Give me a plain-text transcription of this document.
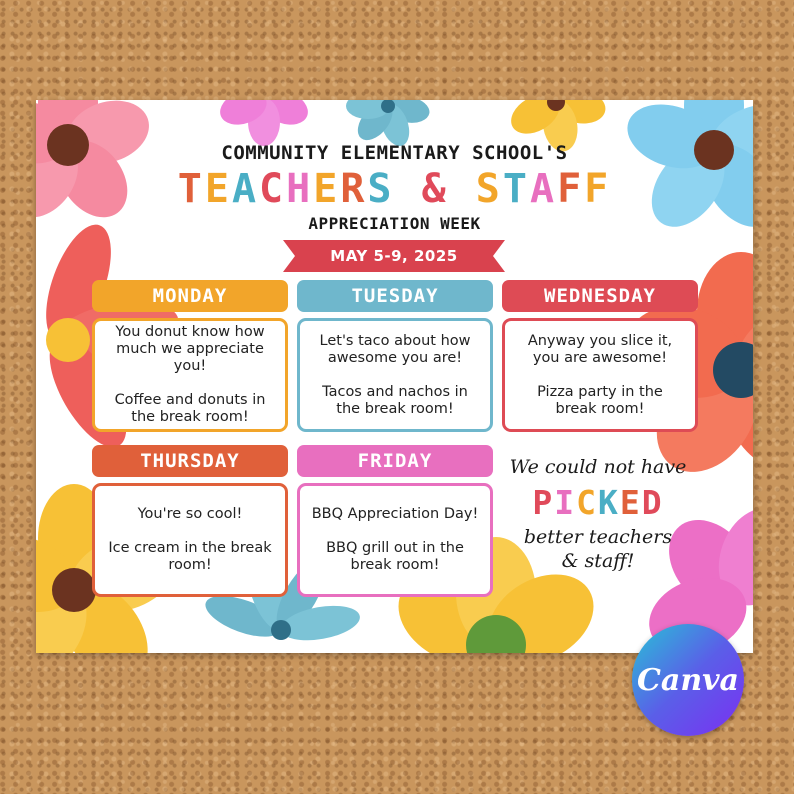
COMMUNITY ELEMENTARY SCHOOL'S
TEACHERS & STAFF
APPRECIATION WEEK
MAY 5-9, 2025
MONDAY

You donut know how much we appreciate you!

Coffee and donuts in the break room!

TUESDAY

Let's taco about how awesome you are!

Tacos and nachos in the break room!

WEDNESDAY

Anyway you slice it, you are awesome!

Pizza party in the break room!

THURSDAY

You're so cool!

Ice cream in the break room!

FRIDAY

BBQ Appreciation Day!

BBQ grill out in the break room!

We could not have
PICKED
better teachers
& staff!
Canva
